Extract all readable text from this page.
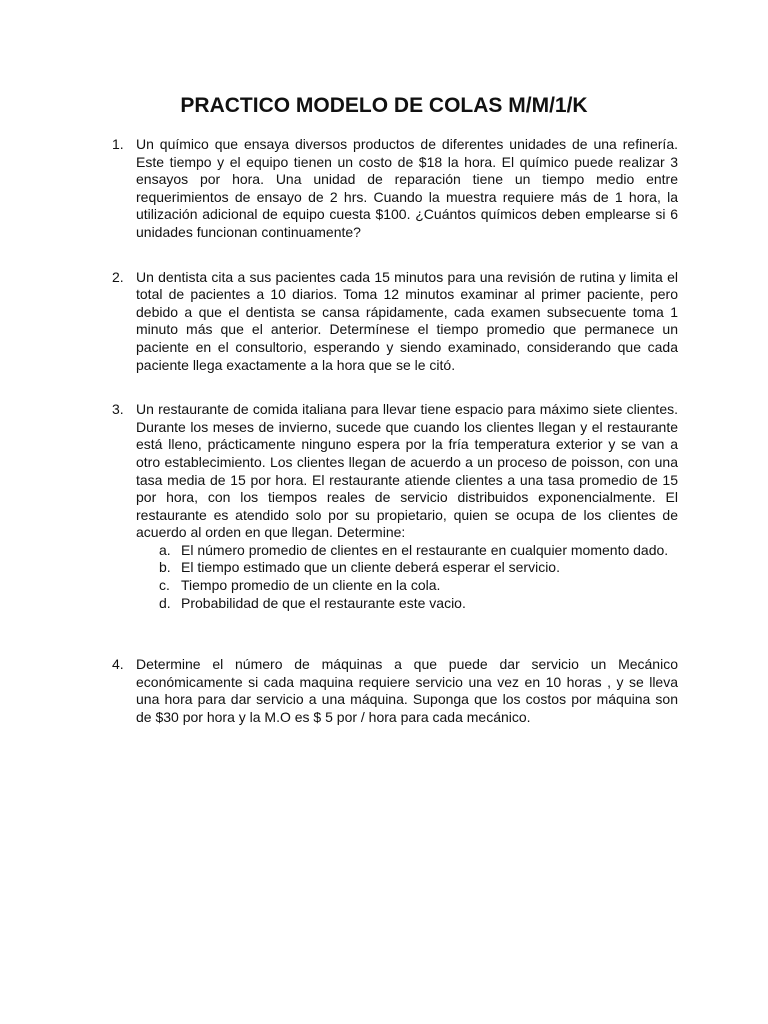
PRACTICO MODELO DE COLAS M/M/1/K
1. Un químico que ensaya diversos productos de diferentes unidades de una refinería. Este tiempo y el equipo tienen un costo de $18 la hora. El químico puede realizar 3 ensayos por hora. Una unidad de reparación tiene un tiempo medio entre requerimientos de ensayo de 2 hrs. Cuando la muestra requiere más de 1 hora, la utilización adicional de equipo cuesta $100. ¿Cuántos químicos deben emplearse si 6 unidades funcionan continuamente?
2. Un dentista cita a sus pacientes cada 15 minutos para una revisión de rutina y limita el total de pacientes a 10 diarios. Toma 12 minutos examinar al primer paciente, pero debido a que el dentista se cansa rápidamente, cada examen subsecuente toma 1 minuto más que el anterior. Determínese el tiempo promedio que permanece un paciente en el consultorio, esperando y siendo examinado, considerando que cada paciente llega exactamente a la hora que se le citó.
3. Un restaurante de comida italiana para llevar tiene espacio para máximo siete clientes. Durante los meses de invierno, sucede que cuando los clientes llegan y el restaurante está lleno, prácticamente ninguno espera por la fría temperatura exterior y se van a otro establecimiento. Los clientes llegan de acuerdo a un proceso de poisson, con una tasa media de 15 por hora. El restaurante atiende clientes a una tasa promedio de 15 por hora, con los tiempos reales de servicio distribuidos exponencialmente. El restaurante es atendido solo por su propietario, quien se ocupa de los clientes de acuerdo al orden en que llegan. Determine:
a. El número promedio de clientes en el restaurante en cualquier momento dado.
b. El tiempo estimado que un cliente deberá esperar el servicio.
c. Tiempo promedio de un cliente en la cola.
d. Probabilidad de que el restaurante este vacio.
4. Determine el número de máquinas a que puede dar servicio un Mecánico económicamente si cada maquina requiere servicio una vez en 10 horas , y se lleva una hora para dar servicio a una máquina. Suponga que los costos por máquina son de $30 por hora y la M.O es $ 5 por / hora para cada mecánico.
